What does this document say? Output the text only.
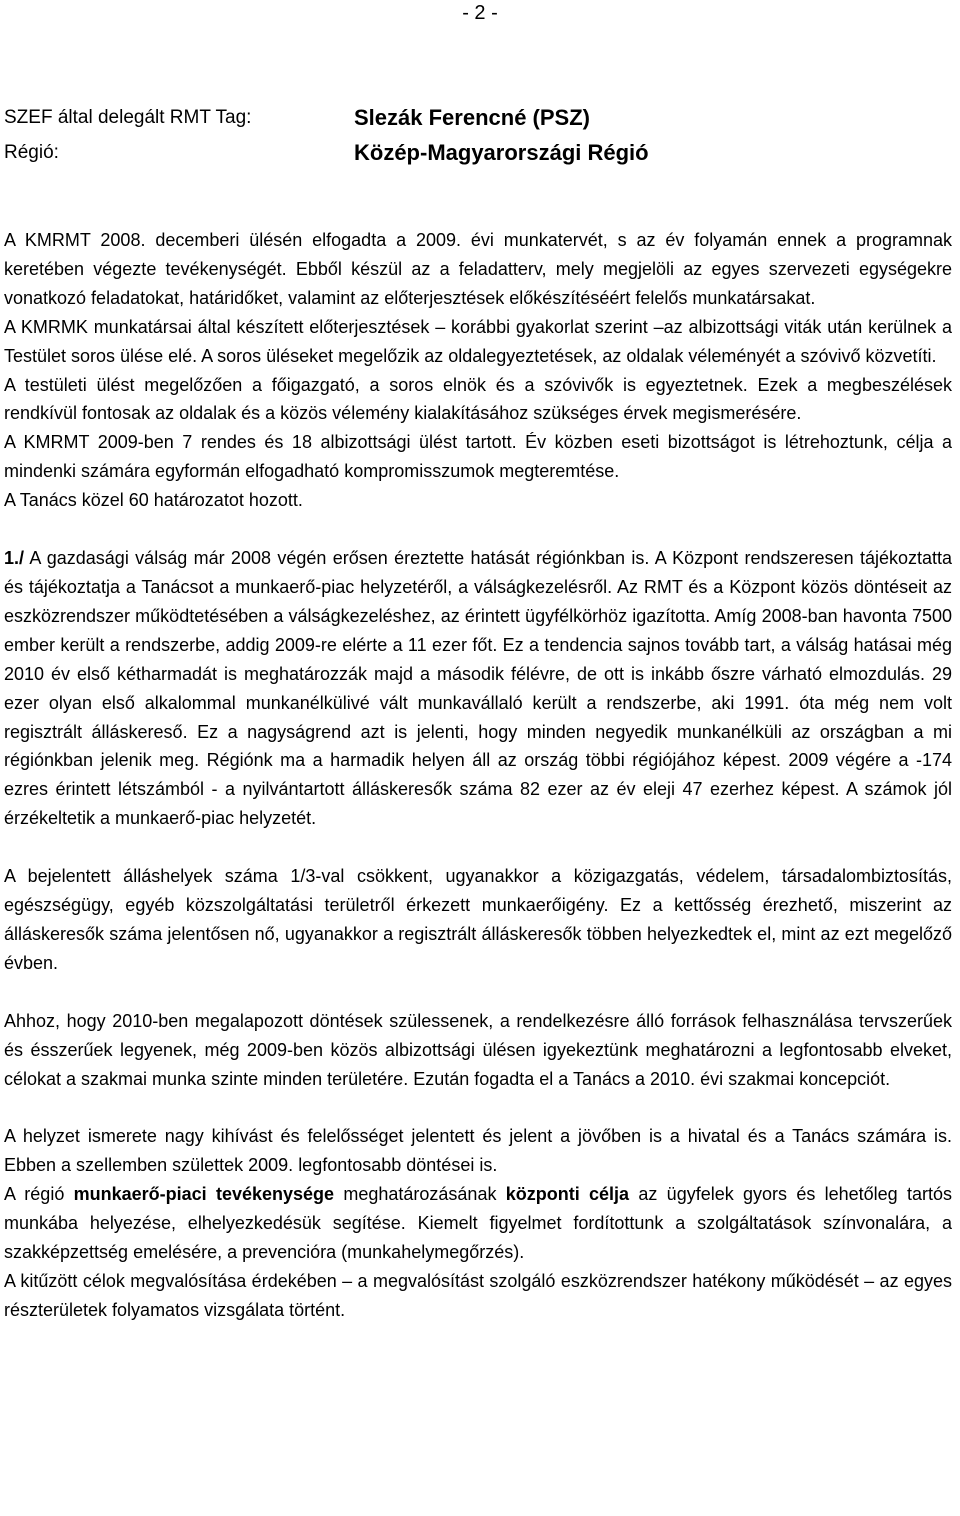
- 2 -
SZEF által delegált RMT Tag:	Slezák Ferencné (PSZ)
Régió:	Közép-Magyarországi Régió

A KMRMT 2008. decemberi ülésén elfogadta a 2009. évi munkatervét, s az év folyamán ennek a programnak keretében végezte tevékenységét. Ebből készül az a feladatterv, mely megjelöli az egyes szervezeti egységekre vonatkozó feladatokat, határidőket, valamint az előterjesztések előkészítéséért felelős munkatársakat.

A KMRMK munkatársai által készített előterjesztések – korábbi gyakorlat szerint –az albizottsági viták után kerülnek a Testület soros ülése elé. A soros üléseket megelőzik az oldalegyeztetések, az oldalak véleményét a szóvivő közvetíti.

A testületi ülést megelőzően a főigazgató, a soros elnök és a szóvivők is egyeztetnek. Ezek a megbeszélések rendkívül fontosak az oldalak és a közös vélemény kialakításához szükséges érvek megismerésére.

A KMRMT 2009-ben 7 rendes és 18 albizottsági ülést tartott. Év közben eseti bizottságot is létrehoztunk, célja a mindenki számára egyformán elfogadható kompromisszumok megteremtése.

A Tanács közel 60 határozatot hozott.

1./ A gazdasági válság már 2008 végén erősen éreztette hatását régiónkban is. A Központ rendszeresen tájékoztatta és tájékoztatja a Tanácsot a munkaerő-piac helyzetéről, a válságkezelésről. Az RMT és a Központ közös döntéseit az eszközrendszer működtetésében a válságkezeléshez, az érintett ügyfélkörhöz igazította. Amíg 2008-ban havonta 7500 ember került a rendszerbe, addig 2009-re elérte a 11 ezer főt. Ez a tendencia sajnos tovább tart, a válság hatásai még 2010 év első kétharmadát is meghatározzák majd a második félévre, de ott is inkább őszre várható elmozdulás. 29 ezer olyan első alkalommal munkanélkülivé vált munkavállaló került a rendszerbe, aki 1991. óta még nem volt regisztrált álláskereső. Ez a nagyságrend azt is jelenti, hogy minden negyedik munkanélküli az országban a mi régiónkban jelenik meg. Régiónk ma a harmadik helyen áll az ország többi régiójához képest. 2009 végére a -174 ezres érintett létszámból - a nyilvántartott álláskeresők száma 82 ezer az év eleji 47 ezerhez képest. A számok jól érzékeltetik a munkaerő-piac helyzetét.

A bejelentett álláshelyek száma 1/3-val csökkent, ugyanakkor a közigazgatás, védelem, társadalombiztosítás, egészségügy, egyéb közszolgáltatási területről érkezett munkaerőigény. Ez a kettősség érezhető, miszerint az álláskeresők száma jelentősen nő, ugyanakkor a regisztrált álláskeresők többen helyezkedtek el, mint az ezt megelőző évben.

Ahhoz, hogy 2010-ben megalapozott döntések szülessenek, a rendelkezésre álló források felhasználása tervszerűek és ésszerűek legyenek, még 2009-ben közös albizottsági ülésen igyekeztünk meghatározni a legfontosabb elveket, célokat a szakmai munka szinte minden területére. Ezután fogadta el a Tanács a 2010. évi szakmai koncepciót.

A helyzet ismerete nagy kihívást és felelősséget jelentett és jelent a jövőben is a hivatal és a Tanács számára is. Ebben a szellemben születtek 2009. legfontosabb döntései is.

A régió munkaerő-piaci tevékenysége meghatározásának központi célja az ügyfelek gyors és lehetőleg tartós munkába helyezése, elhelyezkedésük segítése. Kiemelt figyelmet fordítottunk a szolgáltatások színvonalára, a szakképzettség emelésére, a prevencióra (munkahelymegőrzés).

A kitűzött célok megvalósítása érdekében – a megvalósítást szolgáló eszközrendszer hatékony működését – az egyes részterületek folyamatos vizsgálata történt.
